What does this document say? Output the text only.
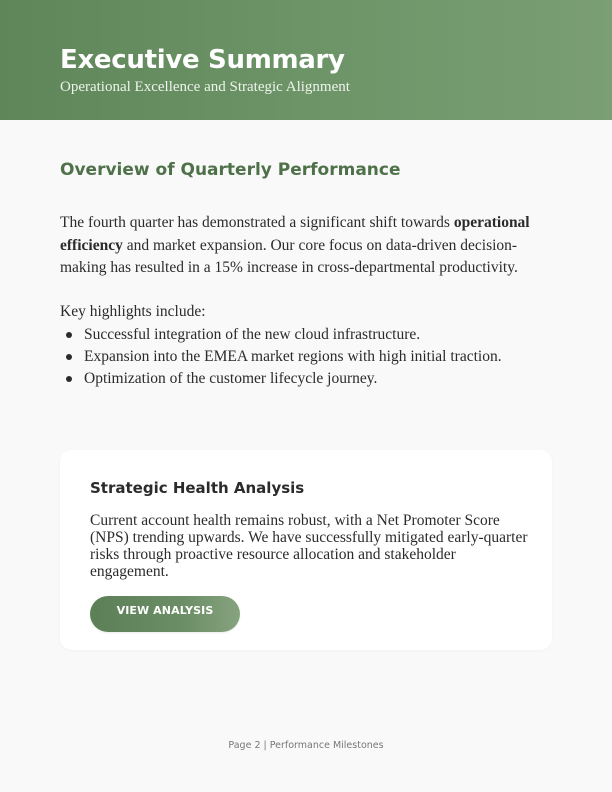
Executive Summary
Operational Excellence and Strategic Alignment
Overview of Quarterly Performance

The fourth quarter has demonstrated a significant shift towards operational efficiency and market expansion. Our core focus on data-driven decision-making has resulted in a 15% increase in cross-departmental productivity.

Key highlights include:
Successful integration of the new cloud infrastructure.
Expansion into the EMEA market regions with high initial traction.
Optimization of the customer lifecycle journey.
Strategic Health Analysis

Current account health remains robust, with a Net Promoter Score (NPS) trending upwards. We have successfully mitigated early-quarter risks through proactive resource allocation and stakeholder engagement.

VIEW ANALYSIS
Page 2 | Performance Milestones
